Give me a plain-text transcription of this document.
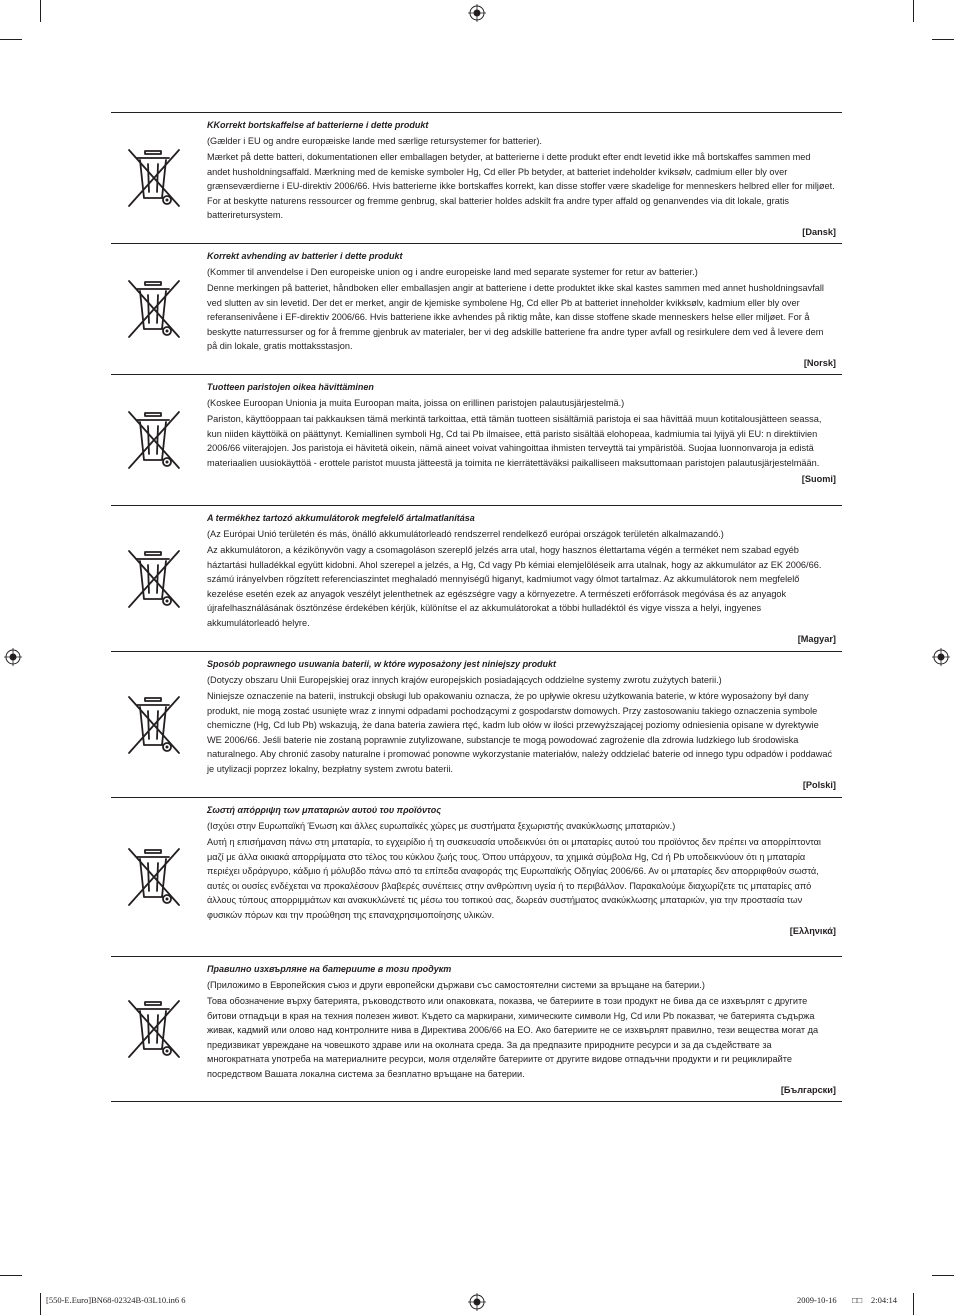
KKorrekt bortskaffelse af batterierne i dette produkt

(Gælder i EU og andre europæiske lande med særlige retursystemer for batterier).

Mærket på dette batteri, dokumentationen eller emballagen betyder, at batterierne i dette produkt efter endt levetid ikke må bortskaffes sammen med andet husholdningsaffald. Mærkning med de kemiske symboler Hg, Cd eller Pb betyder, at batteriet indeholder kviksølv, cadmium eller bly over grænseværdierne i EU-direktiv 2006/66. Hvis batterierne ikke bortskaffes korrekt, kan disse stoffer være skadelige for menneskers helbred eller for miljøet. For at beskytte naturens ressourcer og fremme genbrug, skal batterier holdes adskilt fra andre typer affald og genanvendes via dit lokale, gratis batteriretursystem.

[Dansk]

Korrekt avhending av batterier i dette produkt

(Kommer til anvendelse i Den europeiske union og i andre europeiske land med separate systemer for retur av batterier.)

Denne merkingen på batteriet, håndboken eller emballasjen angir at batteriene i dette produktet ikke skal kastes sammen med annet husholdningsavfall ved slutten av sin levetid. Der det er merket, angir de kjemiske symbolene Hg, Cd eller Pb at batteriet inneholder kvikksølv, kadmium eller bly over referansenivåene i EF-direktiv 2006/66. Hvis batteriene ikke avhendes på riktig måte, kan disse stoffene skade menneskers helse eller miljøet. For å beskytte naturressurser og for å fremme gjenbruk av materialer, ber vi deg adskille batteriene fra andre typer avfall og resirkulere dem ved å levere dem på din lokale, gratis mottaksstasjon.

[Norsk]

Tuotteen paristojen oikea hävittäminen

(Koskee Euroopan Unionia ja muita Euroopan maita, joissa on erillinen paristojen palautusjärjestelmä.)

Pariston, käyttöoppaan tai pakkauksen tämä merkintä tarkoittaa, että tämän tuotteen sisältämiä paristoja ei saa hävittää muun kotitalousjätteen seassa, kun niiden käyttöikä on päättynyt. Kemiallinen symboli Hg, Cd tai Pb ilmaisee, että paristo sisältää elohopeaa, kadmiumia tai lyijyä yli EU: n direktiivien 2006/66 viiterajojen. Jos paristoja ei hävitetä oikein, nämä aineet voivat vahingoittaa ihmisten terveyttä tai ympäristöä. Suojaa luonnonvaroja ja edistä materiaalien uusiokäyttöä - erottele paristot muusta jätteestä ja toimita ne kierrätettäväksi paikalliseen maksuttomaan paristojen palautusjärjestelmään.

[Suomi]

A termékhez tartozó akkumulátorok megfelelő ártalmatlanítása

(Az Európai Unió területén és más, önálló akkumulátorleadó rendszerrel rendelkező európai országok területén alkalmazandó.)

Az akkumulátoron, a kézikönyvön vagy a csomagoláson szereplő jelzés arra utal, hogy hasznos élettartama végén a terméket nem szabad egyéb háztartási hulladékkal együtt kidobni. Ahol szerepel a jelzés, a Hg, Cd vagy Pb kémiai elemjelöléseik arra utalnak, hogy az akkumulátor az EK 2006/66. számú irányelvben rögzített referenciaszintet meghaladó mennyiségű higanyt, kadmiumot vagy ólmot tartalmaz. Az akkumulátorok nem megfelelő kezelése esetén ezek az anyagok veszélyt jelenthetnek az egészségre vagy a környezetre. A természeti erőforrások megóvása és az anyagok újrafelhasználásának ösztönzése érdekében kérjük, különítse el az akkumulátorokat a többi hulladéktól és vigye vissza a helyi, ingyenes akkumulátorleadó helyre.

[Magyar]

Sposób poprawnego usuwania baterii, w które wyposażony jest niniejszy produkt

(Dotyczy obszaru Unii Europejskiej oraz innych krajów europejskich posiadających oddzielne systemy zwrotu zużytych baterii.)

Niniejsze oznaczenie na baterii, instrukcji obsługi lub opakowaniu oznacza, że po upływie okresu użytkowania baterie, w które wyposażony był dany produkt, nie mogą zostać usunięte wraz z innymi odpadami pochodzącymi z gospodarstw domowych. Przy zastosowaniu takiego oznaczenia symbole chemiczne (Hg, Cd lub Pb) wskazują, że dana bateria zawiera rtęć, kadm lub ołów w ilości przewyższającej poziomy odniesienia opisane w dyrektywie WE 2006/66. Jeśli baterie nie zostaną poprawnie zutylizowane, substancje te mogą powodować zagrożenie dla zdrowia ludzkiego lub środowiska naturalnego. Aby chronić zasoby naturalne i promować ponowne wykorzystanie materiałów, należy oddzielać baterie od innego typu odpadów i poddawać je utylizacji poprzez lokalny, bezpłatny system zwrotu baterii.

[Polski]

Σωστή απόρριψη των μπαταριών αυτού του προϊόντος

(Ισχύει στην Ευρωπαϊκή Ένωση και άλλες ευρωπαϊκές χώρες με συστήματα ξεχωριστής ανακύκλωσης μπαταριών.)

Αυτή η επισήμανση πάνω στη μπαταρία, το εγχειρίδιο ή τη συσκευασία υποδεικνύει ότι οι μπαταρίες αυτού του προϊόντος δεν πρέπει να απορρίπτονται μαζί με άλλα οικιακά απορρίμματα στο τέλος του κύκλου ζωής τους. Όπου υπάρχουν, τα χημικά σύμβολα Hg, Cd ή Pb υποδεικνύουν ότι η μπαταρία περιέχει υδράργυρο, κάδμιο ή μόλυβδο πάνω από τα επίπεδα αναφοράς της Ευρωπαϊκής Οδηγίας 2006/66. Αν οι μπαταρίες δεν απορριφθούν σωστά, αυτές οι ουσίες ενδέχεται να προκαλέσουν βλαβερές συνέπειες στην ανθρώπινη υγεία ή το περιβάλλον. Παρακαλούμε διαχωρίζετε τις μπαταρίες από άλλους τύπους απορριμμάτων και ανακυκλώνετέ τις μέσω του τοπικού σας, δωρεάν συστήματος ανακύκλωσης μπαταριών, για την προστασία των φυσικών πόρων και την προώθηση της επαναχρησιμοποίησης υλικών.

[Ελληνικά]

Правилно изхвърляне на батериите в този продукт

(Приложимо в Европейския съюз и други европейски държави със самостоятелни системи за връщане на батерии.)

Това обозначение върху батерията, ръководството или опаковката, показва, че батериите в този продукт не бива да се изхвърлят с другите битови отпадъци в края на техния полезен живот. Където са маркирани, химическите символи Hg, Cd или Pb показват, че батерията съдържа живак, кадмий или олово над контролните нива в Директива 2006/66 на ЕО. Ако батериите не се изхвърлят правилно, тези вещества могат да предизвикат увреждане на човешкото здраве или на околната среда. За да предпазите природните ресурси и за да съдействате за многократната употреба на материалните ресурси, моля отделяйте батериите от другите видове отпадъчни продукти и ги рециклирайте посредством Вашата локална система за безплатно връщане на батерии.

[Български]

[550-E.Euro]BN68-02324B-03L10.in6 6	2009-10-16 □□ 2:04:14
